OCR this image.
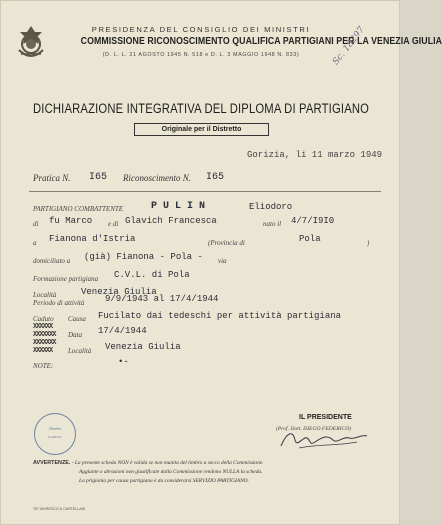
PRESIDENZA DEL CONSIGLIO DEI MINISTRI
COMMISSIONE RICONOSCIMENTO QUALIFICA PARTIGIANI PER LA VENEZIA GIULIA
(D. L. L. 21 AGOSTO 1945 N. 518 e D. L. 3 MAGGIO 1948 N. 833)	Sc. 18297
DICHIARAZIONE INTEGRATIVA DEL DIPLOMA DI PARTIGIANO
Originale per il Distretto
Gorizia, li 11 marzo 1949
Pratica N. I65 Riconoscimento N. I65
PARTIGIANO COMBATTENTE	P U L I N	Eliodoro
di fu Marco e di Glavich Francesca	nato il 4/7/I9I0
a Fianona d'Istria	(Provincia di	Pola	)
domiciliato a (già) Fianona - Pola - via
Formazione partigiana C.V.L. di Pola
Località	Venezia Giulia
Periodo di attività 9/9/1943 al 17/4/1944
Caduto Causa Fucilato dai tedeschi per attività partigiana
XXXXXX
XXXXXXX Data 17/4/1944
XXXXXXX
XXXXXX Località Venezia Giulia
NOTE:	•-
Timbro
a secco
IL PRESIDENTE
(Prof. Dott. DIEGO FEDERICO)
AVVERTENZE. - La presente scheda NON è valida se non munita del timbro a secco della Commissione.
Aggiunte o abrasioni non giustificate dalla Commissione rendono NULLA la scheda.
La prigionia per causa partigiana è da considerarsi SERVIZIO PARTIGIANO.
TIP. MORESCO & CARTELLANI
